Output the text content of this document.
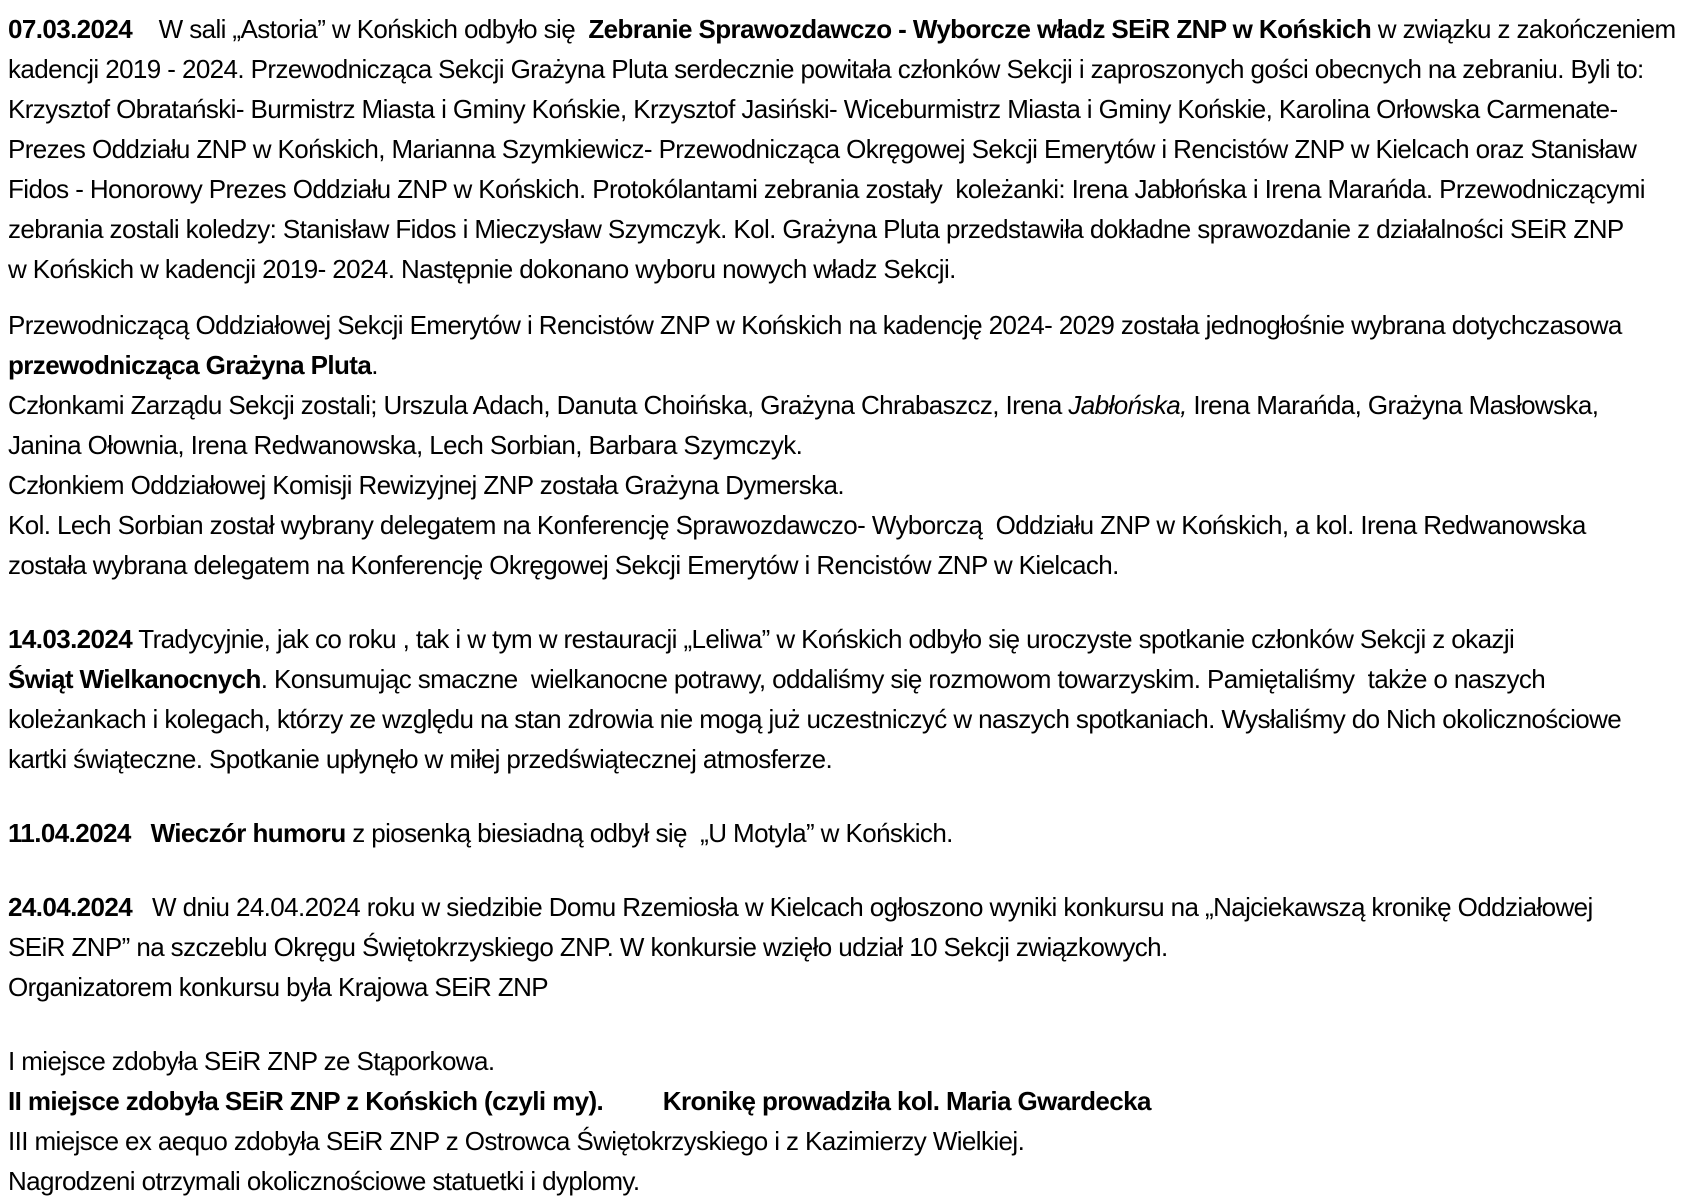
07.03.2024    W sali „Astoria” w Końskich odbyło się  Zebranie Sprawozdawczo - Wyborcze władz SEiR ZNP w Końskich w związku z zakończeniem
kadencji 2019 - 2024. Przewodnicząca Sekcji Grażyna Pluta serdecznie powitała członków Sekcji i zaproszonych gości obecnych na zebraniu. Byli to:
Krzysztof Obratański- Burmistrz Miasta i Gminy Końskie, Krzysztof Jasiński- Wiceburmistrz Miasta i Gminy Końskie, Karolina Orłowska Carmenate-
Prezes Oddziału ZNP w Końskich, Marianna Szymkiewicz- Przewodnicząca Okręgowej Sekcji Emerytów i Rencistów ZNP w Kielcach oraz Stanisław
Fidos - Honorowy Prezes Oddziału ZNP w Końskich. Protokólantami zebrania zostały  koleżanki: Irena Jabłońska i Irena Marańda. Przewodniczącymi
zebrania zostali koledzy: Stanisław Fidos i Mieczysław Szymczyk. Kol. Grażyna Pluta przedstawiła dokładne sprawozdanie z działalności SEiR ZNP
w Końskich w kadencji 2019- 2024. Następnie dokonano wyboru nowych władz Sekcji.
Przewodniczącą Oddziałowej Sekcji Emerytów i Rencistów ZNP w Końskich na kadencję 2024- 2029 została jednogłośnie wybrana dotychczasowa
przewodnicząca Grażyna Pluta.
Członkami Zarządu Sekcji zostali; Urszula Adach, Danuta Choińska, Grażyna Chrabaszcz, Irena Jabłońska, Irena Marańda, Grażyna Masłowska,
Janina Ołownia, Irena Redwanowska, Lech Sorbian, Barbara Szymczyk.
Członkiem Oddziałowej Komisji Rewizyjnej ZNP została Grażyna Dymerska.
Kol. Lech Sorbian został wybrany delegatem na Konferencję Sprawozdawczo- Wyborczą  Oddziału ZNP w Końskich, a kol. Irena Redwanowska
została wybrana delegatem na Konferencję Okręgowej Sekcji Emerytów i Rencistów ZNP w Kielcach.
14.03.2024 Tradycyjnie, jak co roku , tak i w tym w restauracji „Leliwa” w Końskich odbyło się uroczyste spotkanie członków Sekcji z okazji
Świąt Wielkanocnych. Konsumując smaczne  wielkanocne potrawy, oddaliśmy się rozmowom towarzyskim. Pamiętaliśmy  także o naszych
koleżankach i kolegach, którzy ze względu na stan zdrowia nie mogą już uczestniczyć w naszych spotkaniach. Wysłaliśmy do Nich okolicznościowe
kartki świąteczne. Spotkanie upłynęło w miłej przedświątecznej atmosferze.
11.04.2024   Wieczór humoru z piosenką biesiadną odbył się  „U Motyla” w Końskich.
24.04.2024   W dniu 24.04.2024 roku w siedzibie Domu Rzemiosła w Kielcach ogłoszono wyniki konkursu na „Najciekawszą kronikę Oddziałowej
SEiR ZNP” na szczeblu Okręgu Świętokrzyskiego ZNP. W konkursie wzięło udział 10 Sekcji związkowych.
Organizatorem konkursu była Krajowa SEiR ZNP
I miejsce zdobyła SEiR ZNP ze Stąporkowa.
II miejsce zdobyła SEiR ZNP z Końskich (czyli my).         Kronikę prowadziła kol. Maria Gwardecka
III miejsce ex aequo zdobyła SEiR ZNP z Ostrowca Świętokrzyskiego i z Kazimierzy Wielkiej.
Nagrodzeni otrzymali okolicznościowe statuetki i dyplomy.
